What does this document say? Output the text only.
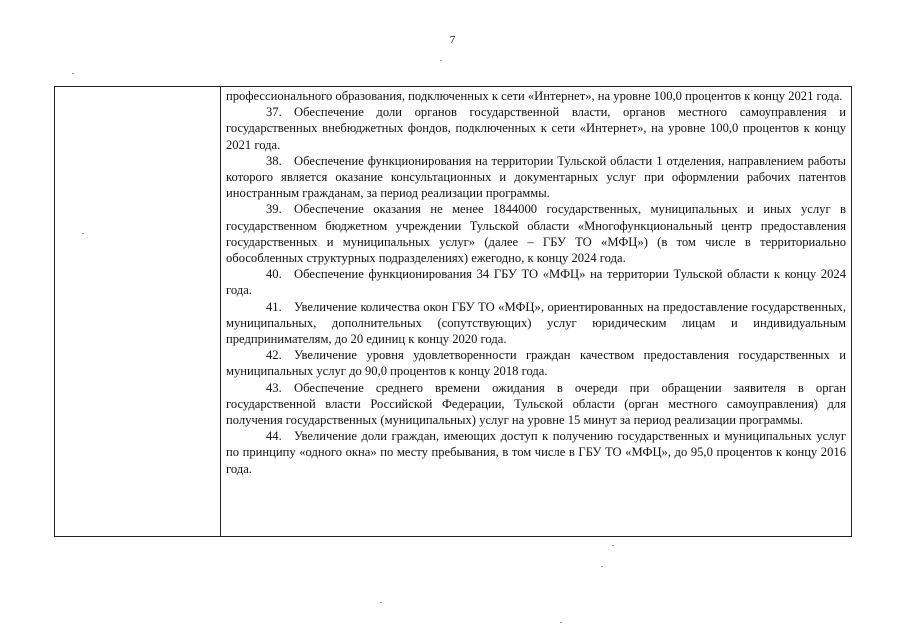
7

профессионального образования, подключенных к сети «Интернет», на уровне 100,0 процентов к концу 2021 года.

37. Обеспечение доли органов государственной власти, органов местного самоуправления и государственных внебюджетных фондов, подключенных к сети «Интернет», на уровне 100,0 процентов к концу 2021 года.

38. Обеспечение функционирования на территории Тульской области 1 отделения, направлением работы которого является оказание консультационных и документарных услуг при оформлении рабочих патентов иностранным гражданам, за период реализации программы.

39. Обеспечение оказания не менее 1844000 государственных, муниципальных и иных услуг в государственном бюджетном учреждении Тульской области «Многофункциональный центр предоставления государственных и муниципальных услуг» (далее – ГБУ ТО «МФЦ») (в том числе в территориально обособленных структурных подразделениях) ежегодно, к концу 2024 года.

40. Обеспечение функционирования 34 ГБУ ТО «МФЦ» на территории Тульской области к концу 2024 года.

41. Увеличение количества окон ГБУ ТО «МФЦ», ориентированных на предоставление государственных, муниципальных, дополнительных (сопутствующих) услуг юридическим лицам и индивидуальным предпринимателям, до 20 единиц к концу 2020 года.

42. Увеличение уровня удовлетворенности граждан качеством предоставления государственных и муниципальных услуг до 90,0 процентов к концу 2018 года.

43. Обеспечение среднего времени ожидания в очереди при обращении заявителя в орган государственной власти Российской Федерации, Тульской области (орган местного самоуправления) для получения государственных (муниципальных) услуг на уровне 15 минут за период реализации программы.

44. Увеличение доли граждан, имеющих доступ к получению государственных и муниципальных услуг по принципу «одного окна» по месту пребывания, в том числе в ГБУ ТО «МФЦ», до 95,0 процентов к концу 2016 года.
